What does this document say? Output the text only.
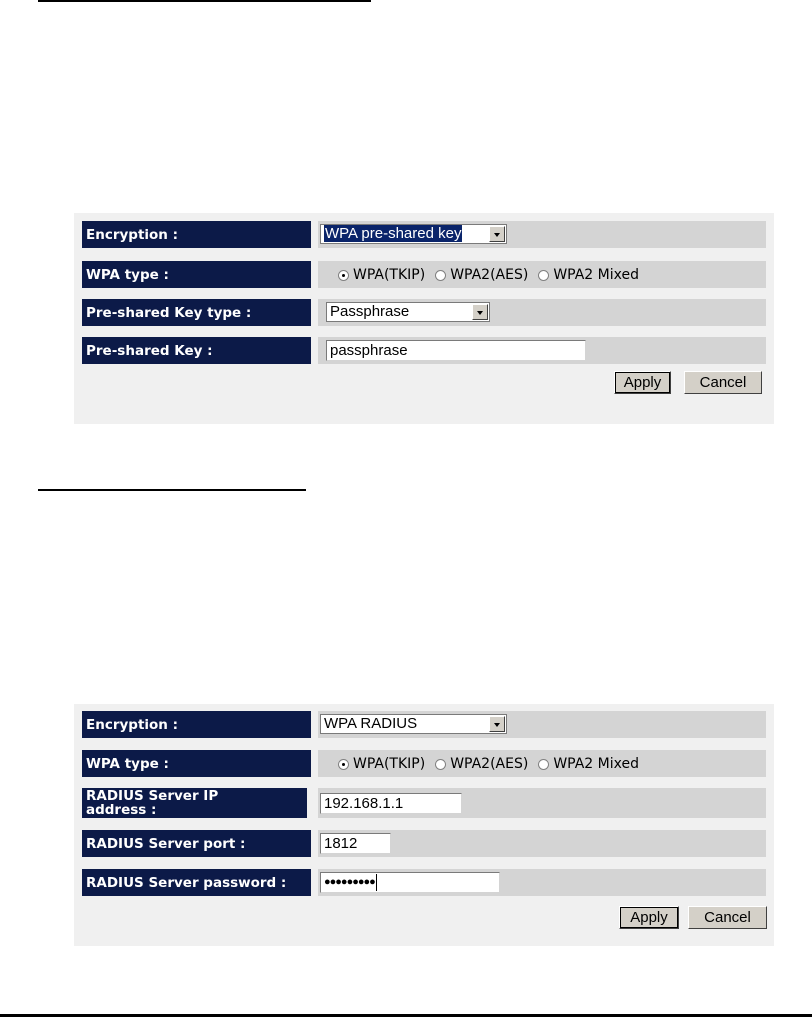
Encryption :	WPA pre-shared key
WPA type :	WPA(TKIP) WPA2(AES) WPA2 Mixed
Pre-shared Key type :	Passphrase
Pre-shared Key :	passphrase
Apply	Cancel
Encryption :	WPA RADIUS
WPA type :	WPA(TKIP) WPA2(AES) WPA2 Mixed
RADIUS Server IP address :	192.168.1.1
RADIUS Server port :	1812
RADIUS Server password :	●●●●●●●●●
Apply	Cancel
